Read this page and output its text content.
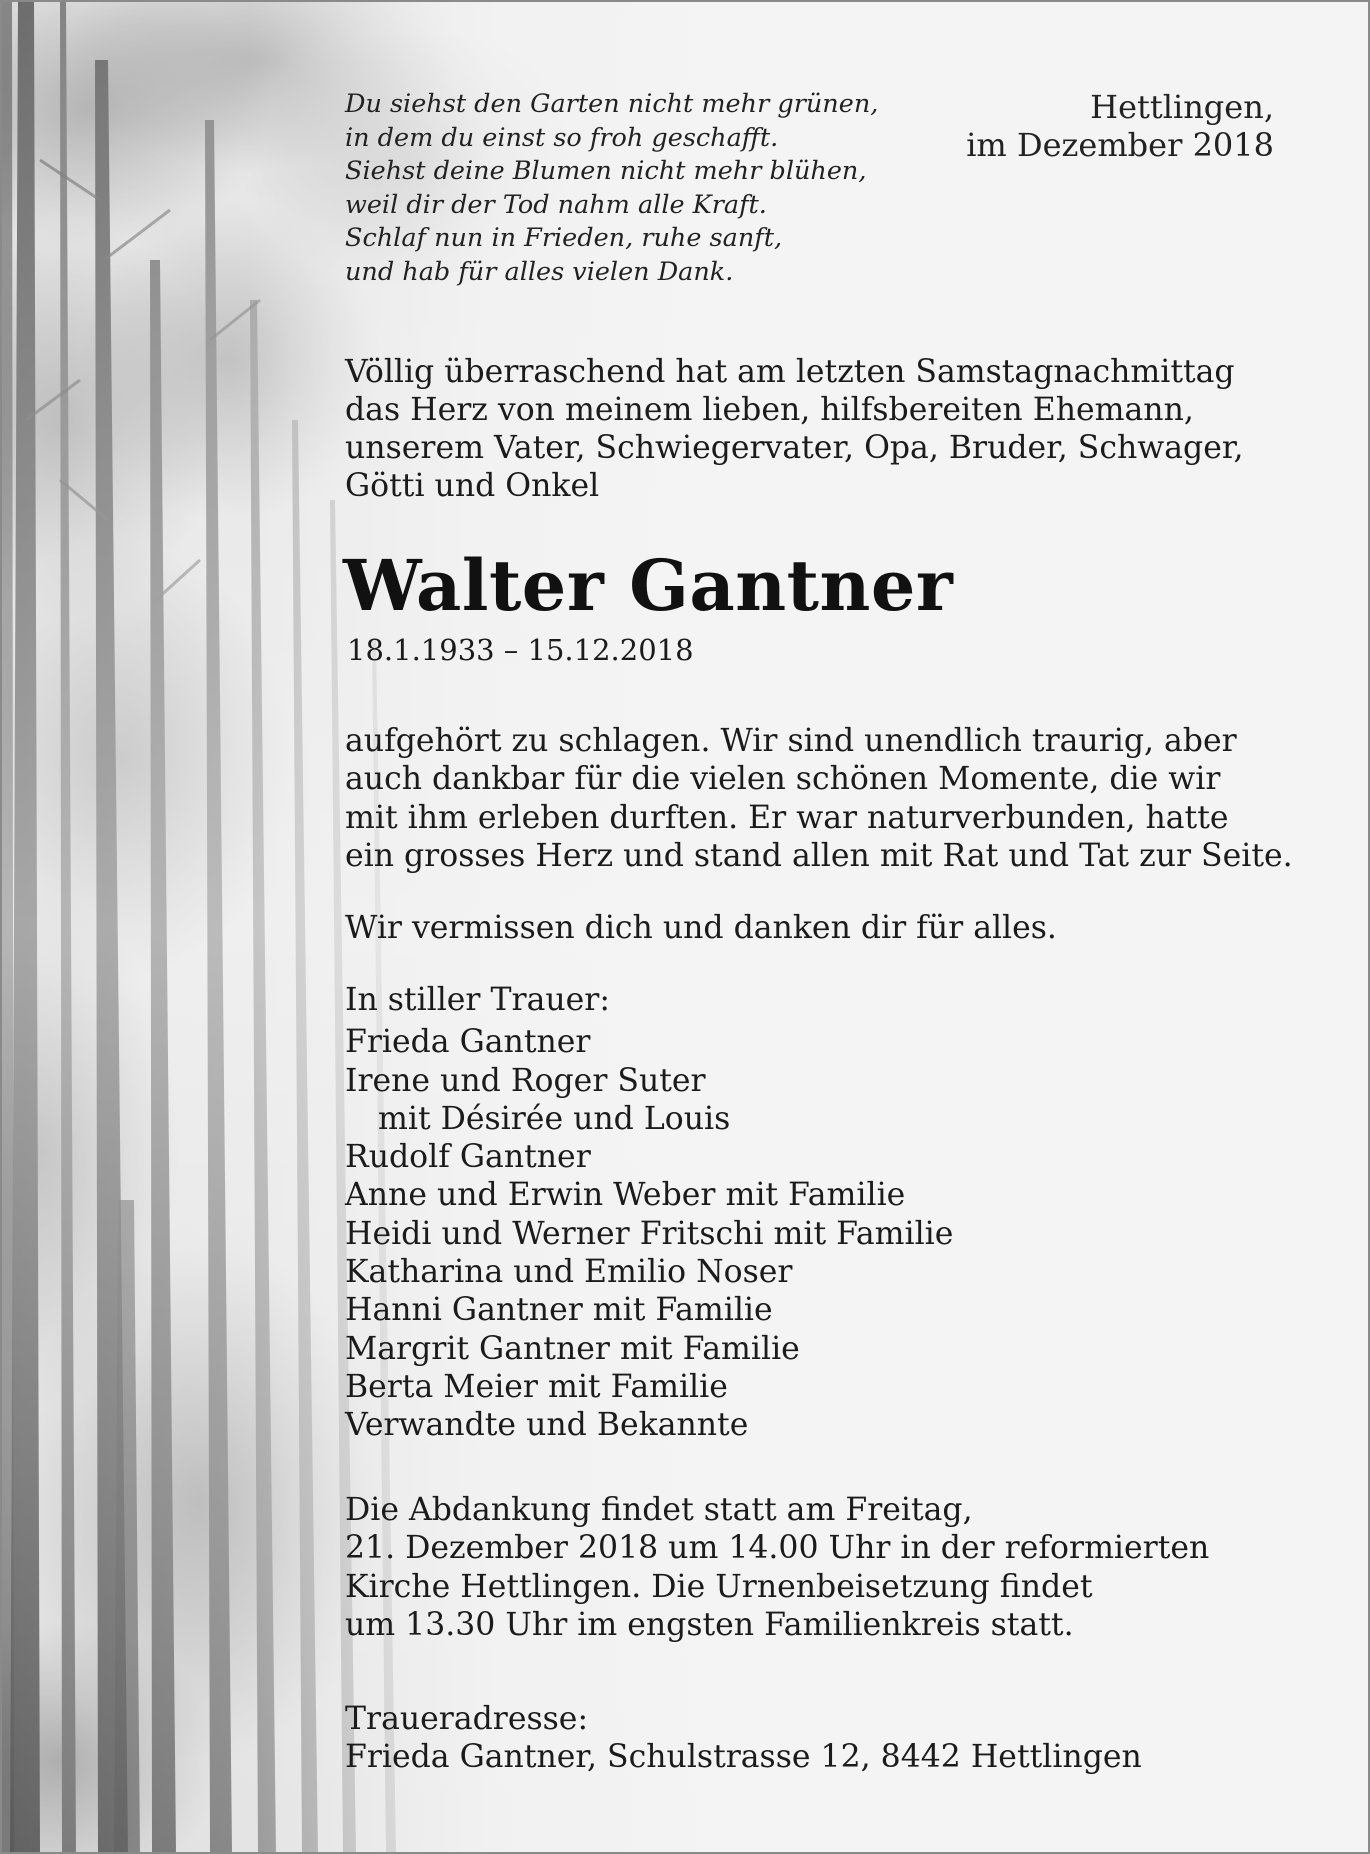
Du siehst den Garten nicht mehr grünen,
in dem du einst so froh geschafft.
Siehst deine Blumen nicht mehr blühen,
weil dir der Tod nahm alle Kraft.
Schlaf nun in Frieden, ruhe sanft,
und hab für alles vielen Dank.
Hettlingen,
im Dezember 2018
Völlig überraschend hat am letzten Samstagnachmittag
das Herz von meinem lieben, hilfsbereiten Ehemann,
unserem Vater, Schwiegervater, Opa, Bruder, Schwager,
Götti und Onkel
Walter Gantner
18.1.1933 – 15.12.2018
aufgehört zu schlagen. Wir sind unendlich traurig, aber
auch dankbar für die vielen schönen Momente, die wir
mit ihm erleben durften. Er war naturverbunden, hatte
ein grosses Herz und stand allen mit Rat und Tat zur Seite.
Wir vermissen dich und danken dir für alles.
In stiller Trauer:
Frieda Gantner
Irene und Roger Suter
mit Désirée und Louis
Rudolf Gantner
Anne und Erwin Weber mit Familie
Heidi und Werner Fritschi mit Familie
Katharina und Emilio Noser
Hanni Gantner mit Familie
Margrit Gantner mit Familie
Berta Meier mit Familie
Verwandte und Bekannte
Die Abdankung findet statt am Freitag,
21. Dezember 2018 um 14.00 Uhr in der reformierten
Kirche Hettlingen. Die Urnenbeisetzung findet
um 13.30 Uhr im engsten Familienkreis statt.
Traueradresse:
Frieda Gantner, Schulstrasse 12, 8442 Hettlingen
